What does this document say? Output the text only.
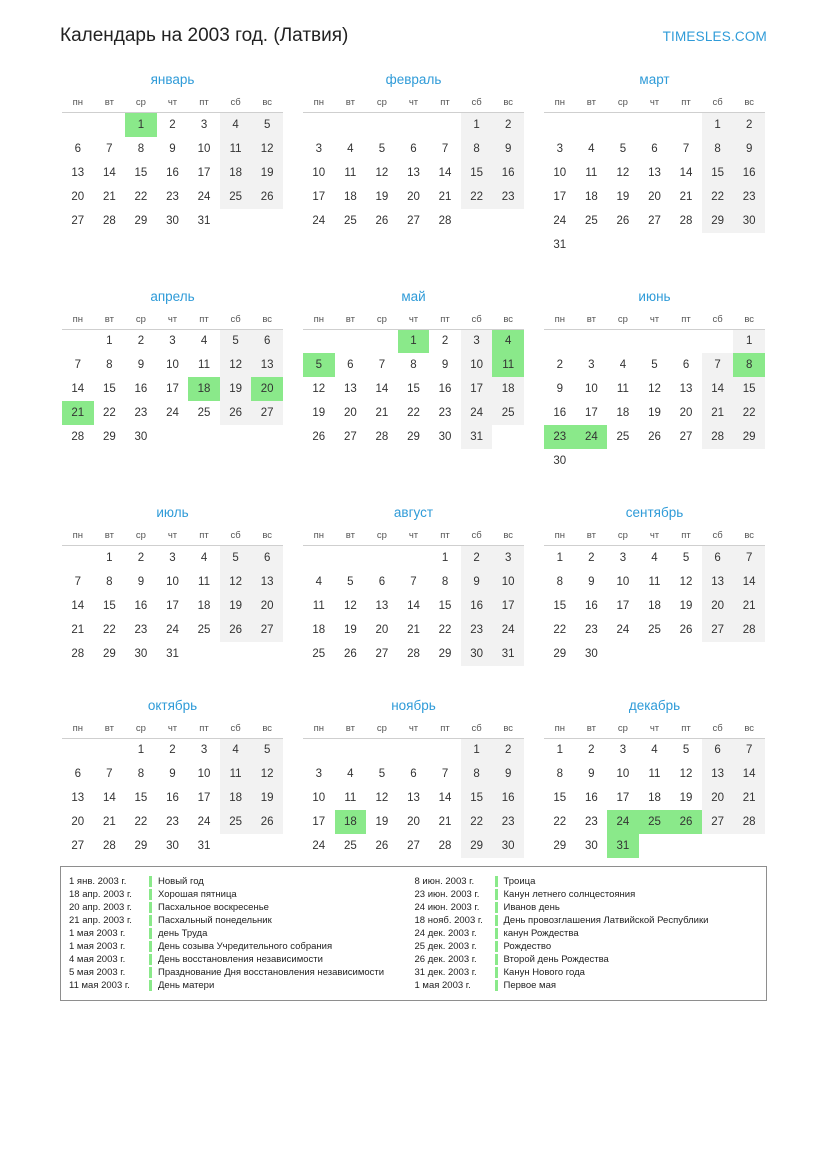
Календарь на 2003 год. (Латвия)	TIMESLES.COM
январь
пн	вт	ср	чт	пт	сб	вс
		1	2	3	4	5
6	7	8	9	10	11	12
13	14	15	16	17	18	19
20	21	22	23	24	25	26
27	28	29	30	31		
февраль
пн	вт	ср	чт	пт	сб	вс
					1	2
3	4	5	6	7	8	9
10	11	12	13	14	15	16
17	18	19	20	21	22	23
24	25	26	27	28		
март
пн	вт	ср	чт	пт	сб	вс
					1	2
3	4	5	6	7	8	9
10	11	12	13	14	15	16
17	18	19	20	21	22	23
24	25	26	27	28	29	30
31						
апрель
пн	вт	ср	чт	пт	сб	вс
	1	2	3	4	5	6
7	8	9	10	11	12	13
14	15	16	17	18	19	20
21	22	23	24	25	26	27
28	29	30				
май
пн	вт	ср	чт	пт	сб	вс
			1	2	3	4
5	6	7	8	9	10	11
12	13	14	15	16	17	18
19	20	21	22	23	24	25
26	27	28	29	30	31	
июнь
пн	вт	ср	чт	пт	сб	вс
						1
2	3	4	5	6	7	8
9	10	11	12	13	14	15
16	17	18	19	20	21	22
23	24	25	26	27	28	29
30						
июль
пн	вт	ср	чт	пт	сб	вс
	1	2	3	4	5	6
7	8	9	10	11	12	13
14	15	16	17	18	19	20
21	22	23	24	25	26	27
28	29	30	31			
август
пн	вт	ср	чт	пт	сб	вс
				1	2	3
4	5	6	7	8	9	10
11	12	13	14	15	16	17
18	19	20	21	22	23	24
25	26	27	28	29	30	31
сентябрь
пн	вт	ср	чт	пт	сб	вс
1	2	3	4	5	6	7
8	9	10	11	12	13	14
15	16	17	18	19	20	21
22	23	24	25	26	27	28
29	30					
октябрь
пн	вт	ср	чт	пт	сб	вс
		1	2	3	4	5
6	7	8	9	10	11	12
13	14	15	16	17	18	19
20	21	22	23	24	25	26
27	28	29	30	31		
ноябрь
пн	вт	ср	чт	пт	сб	вс
					1	2
3	4	5	6	7	8	9
10	11	12	13	14	15	16
17	18	19	20	21	22	23
24	25	26	27	28	29	30
декабрь
пн	вт	ср	чт	пт	сб	вс
1	2	3	4	5	6	7
8	9	10	11	12	13	14
15	16	17	18	19	20	21
22	23	24	25	26	27	28
29	30	31				
1 янв. 2003 г.	Новый год
18 апр. 2003 г.	Хорошая пятница
20 апр. 2003 г.	Пасхальное воскресенье
21 апр. 2003 г.	Пасхальный понедельник
1 мая 2003 г.	день Труда
1 мая 2003 г.	День созыва Учредительного собрания
4 мая 2003 г.	День восстановления независимости
5 мая 2003 г.	Празднование Дня восстановления независимости
11 мая 2003 г.	День матери
8 июн. 2003 г.	Троица
23 июн. 2003 г.	Канун летнего солнцестояния
24 июн. 2003 г.	Иванов день
18 нояб. 2003 г.	День провозглашения Латвийской Республики
24 дек. 2003 г.	канун Рождества
25 дек. 2003 г.	Рождество
26 дек. 2003 г.	Второй день Рождества
31 дек. 2003 г.	Канун Нового года
1 мая 2003 г.	Первое мая
